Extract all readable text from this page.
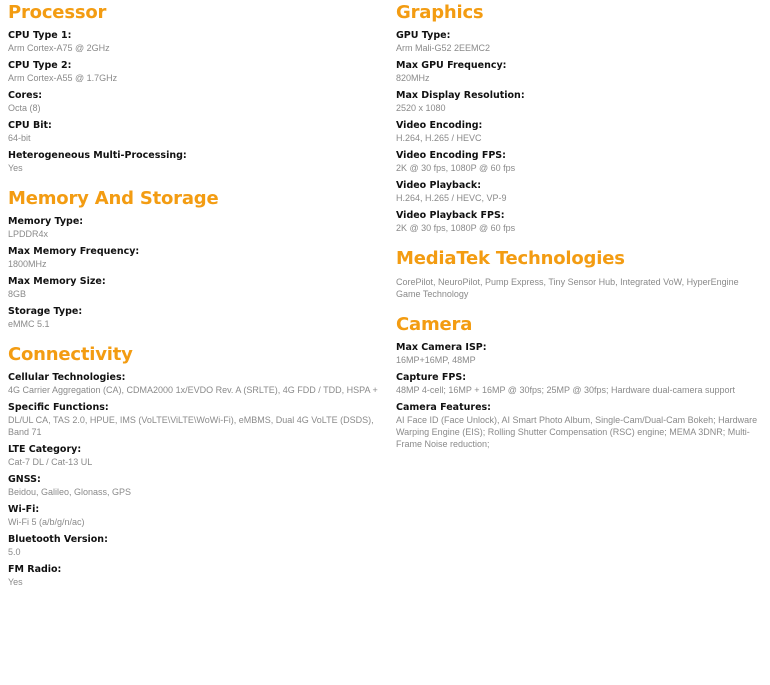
Processor
CPU Type 1:
Arm Cortex-A75 @ 2GHz
CPU Type 2:
Arm Cortex-A55 @ 1.7GHz
Cores:
Octa (8)
CPU Bit:
64-bit
Heterogeneous Multi-Processing:
Yes
Memory And Storage
Memory Type:
LPDDR4x
Max Memory Frequency:
1800MHz
Max Memory Size:
8GB
Storage Type:
eMMC 5.1
Connectivity
Cellular Technologies:
4G Carrier Aggregation (CA), CDMA2000 1x/EVDO Rev. A (SRLTE), 4G FDD / TDD, HSPA +
Specific Functions:
DL/UL CA, TAS 2.0, HPUE, IMS (VoLTE\ViLTE\WoWi-Fi), eMBMS, Dual 4G VoLTE (DSDS), Band 71
LTE Category:
Cat-7 DL / Cat-13 UL
GNSS:
Beidou, Galileo, Glonass, GPS
Wi-Fi:
Wi-Fi 5 (a/b/g/n/ac)
Bluetooth Version:
5.0
FM Radio:
Yes
Graphics
GPU Type:
Arm Mali-G52 2EEMC2
Max GPU Frequency:
820MHz
Max Display Resolution:
2520 x 1080
Video Encoding:
H.264, H.265 / HEVC
Video Encoding FPS:
2K @ 30 fps, 1080P @ 60 fps
Video Playback:
H.264, H.265 / HEVC, VP-9
Video Playback FPS:
2K @ 30 fps, 1080P @ 60 fps
MediaTek Technologies
CorePilot, NeuroPilot, Pump Express, Tiny Sensor Hub, Integrated VoW, HyperEngine Game Technology
Camera
Max Camera ISP:
16MP+16MP, 48MP
Capture FPS:
48MP 4-cell; 16MP + 16MP @ 30fps; 25MP @ 30fps; Hardware dual-camera support
Camera Features:
AI Face ID (Face Unlock), AI Smart Photo Album, Single-Cam/Dual-Cam Bokeh; Hardware Warping Engine (EIS); Rolling Shutter Compensation (RSC) engine; MEMA 3DNR; Multi-Frame Noise reduction;
